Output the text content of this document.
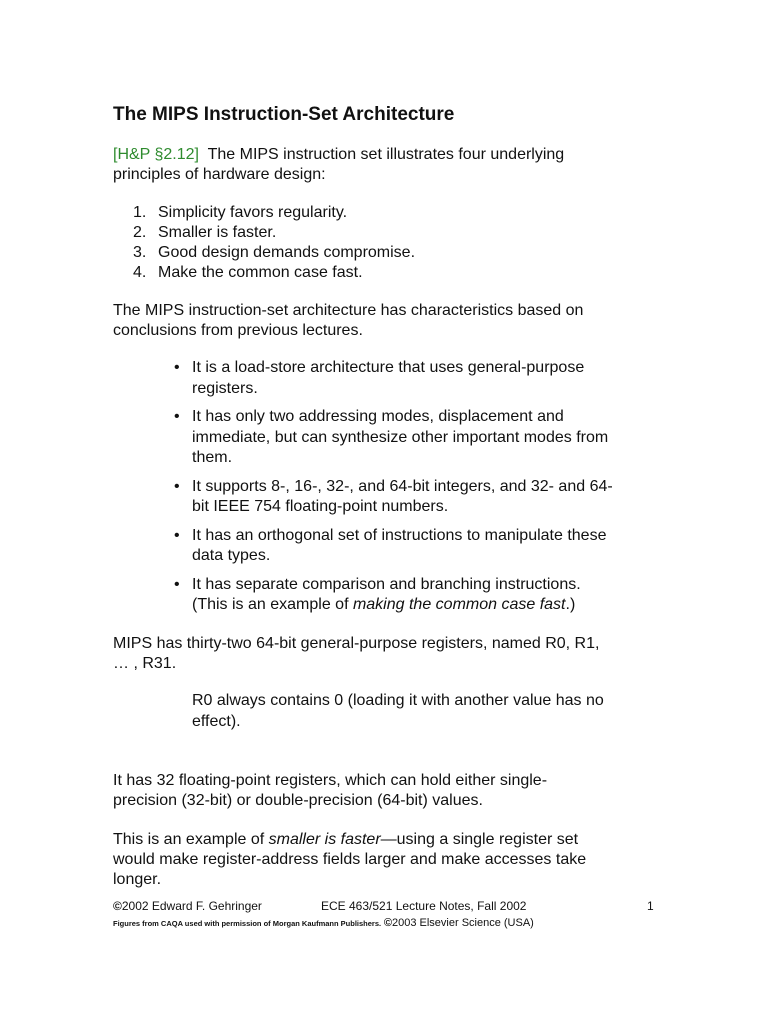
The MIPS Instruction-Set Architecture

[H&P §2.12] The MIPS instruction set illustrates four underlying
principles of hardware design:

1. Simplicity favors regularity.
2. Smaller is faster.
3. Good design demands compromise.
4. Make the common case fast.

The MIPS instruction-set architecture has characteristics based on
conclusions from previous lectures.

• It is a load-store architecture that uses general-purpose
registers.
• It has only two addressing modes, displacement and
immediate, but can synthesize other important modes from
them.
• It supports 8-, 16-, 32-, and 64-bit integers, and 32- and 64-
bit IEEE 754 floating-point numbers.
• It has an orthogonal set of instructions to manipulate these
data types.
• It has separate comparison and branching instructions.
(This is an example of making the common case fast.)

MIPS has thirty-two 64-bit general-purpose registers, named R0, R1,
… , R31.

R0 always contains 0 (loading it with another value has no
effect).

It has 32 floating-point registers, which can hold either single-
precision (32-bit) or double-precision (64-bit) values.

This is an example of smaller is faster—using a single register set
would make register-address fields larger and make accesses take
longer.

©2002 Edward F. Gehringer	ECE 463/521 Lecture Notes, Fall 2002	1
Figures from CAQA used with permission of Morgan Kaufmann Publishers. ©2003 Elsevier Science (USA)
